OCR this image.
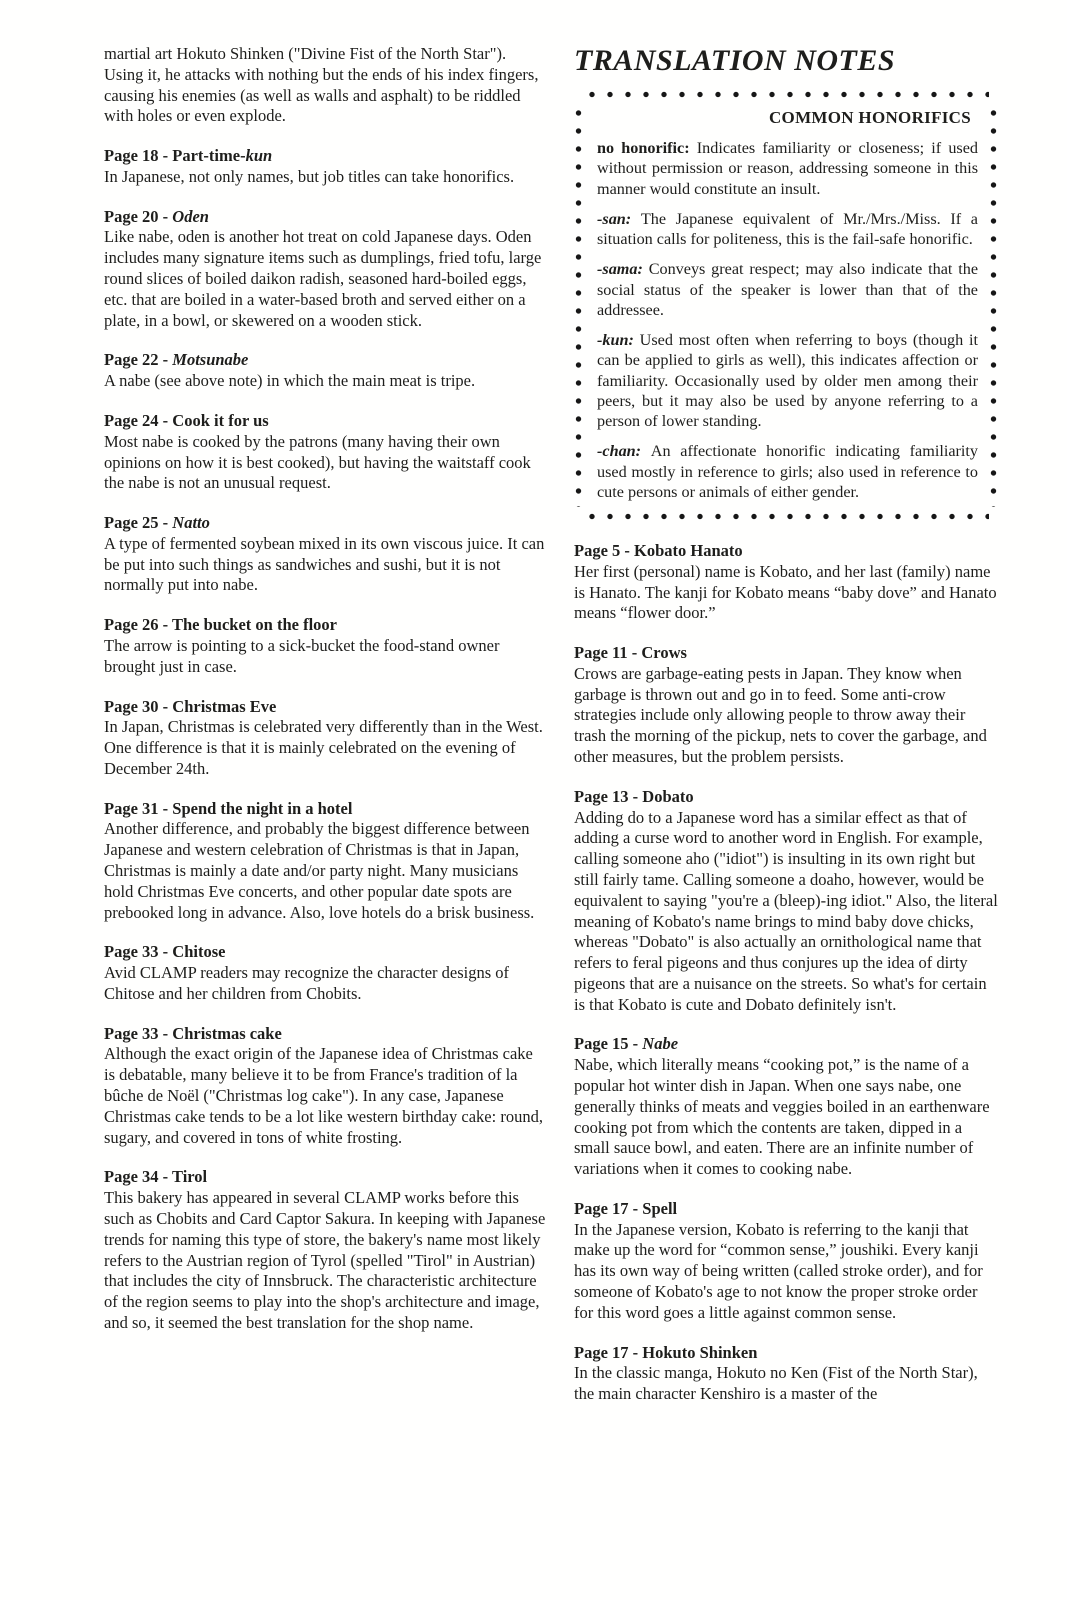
martial art Hokuto Shinken ("Divine Fist of the North Star"). Using it, he attacks with nothing but the ends of his index fingers, causing his enemies (as well as walls and asphalt) to be riddled with holes or even explode.

Page 18 - Part-time-kun

In Japanese, not only names, but job titles can take honorifics.

Page 20 - Oden

Like nabe, oden is another hot treat on cold Japanese days. Oden includes many signature items such as dumplings, fried tofu, large round slices of boiled daikon radish, seasoned hard-boiled eggs, etc. that are boiled in a water-based broth and served either on a plate, in a bowl, or skewered on a wooden stick.

Page 22 - Motsunabe

A nabe (see above note) in which the main meat is tripe.

Page 24 - Cook it for us

Most nabe is cooked by the patrons (many having their own opinions on how it is best cooked), but having the waitstaff cook the nabe is not an unusual request.

Page 25 - Natto

A type of fermented soybean mixed in its own viscous juice. It can be put into such things as sandwiches and sushi, but it is not normally put into nabe.

Page 26 - The bucket on the floor

The arrow is pointing to a sick-bucket the food-stand owner brought just in case.

Page 30 - Christmas Eve

In Japan, Christmas is celebrated very differently than in the West. One difference is that it is mainly celebrated on the evening of December 24th.

Page 31 - Spend the night in a hotel

Another difference, and probably the biggest difference between Japanese and western celebration of Christmas is that in Japan, Christmas is mainly a date and/or party night. Many musicians hold Christmas Eve concerts, and other popular date spots are prebooked long in advance. Also, love hotels do a brisk business.

Page 33 - Chitose

Avid CLAMP readers may recognize the character designs of Chitose and her children from Chobits.

Page 33 - Christmas cake

Although the exact origin of the Japanese idea of Christmas cake is debatable, many believe it to be from France's tradition of la bûche de Noël ("Christmas log cake"). In any case, Japanese Christmas cake tends to be a lot like western birthday cake: round, sugary, and covered in tons of white frosting.

Page 34 - Tirol

This bakery has appeared in several CLAMP works before this such as Chobits and Card Captor Sakura. In keeping with Japanese trends for naming this type of store, the bakery's name most likely refers to the Austrian region of Tyrol (spelled "Tirol" in Austrian) that includes the city of Innsbruck. The characteristic architecture of the region seems to play into the shop's architecture and image, and so, it seemed the best translation for the shop name.

TRANSLATION NOTES

COMMON HONORIFICS

no honorific: Indicates familiarity or closeness; if used without permission or reason, addressing someone in this manner would constitute an insult.

-san: The Japanese equivalent of Mr./Mrs./Miss. If a situation calls for politeness, this is the fail-safe honorific.

-sama: Conveys great respect; may also indicate that the social status of the speaker is lower than that of the addressee.

-kun: Used most often when referring to boys (though it can be applied to girls as well), this indicates affection or familiarity. Occasionally used by older men among their peers, but it may also be used by anyone referring to a person of lower standing.

-chan: An affectionate honorific indicating familiarity used mostly in reference to girls; also used in reference to cute persons or animals of either gender.

Page 5 - Kobato Hanato

Her first (personal) name is Kobato, and her last (family) name is Hanato. The kanji for Kobato means “baby dove” and Hanato means “flower door.”

Page 11 - Crows

Crows are garbage-eating pests in Japan. They know when garbage is thrown out and go in to feed. Some anti-crow strategies include only allowing people to throw away their trash the morning of the pickup, nets to cover the garbage, and other measures, but the problem persists.

Page 13 - Dobato

Adding do to a Japanese word has a similar effect as that of adding a curse word to another word in English. For example, calling someone aho ("idiot") is insulting in its own right but still fairly tame. Calling someone a doaho, however, would be equivalent to saying "you're a (bleep)-ing idiot." Also, the literal meaning of Kobato's name brings to mind baby dove chicks, whereas "Dobato" is also actually an ornithological name that refers to feral pigeons and thus conjures up the idea of dirty pigeons that are a nuisance on the streets. So what's for certain is that Kobato is cute and Dobato definitely isn't.

Page 15 - Nabe

Nabe, which literally means “cooking pot,” is the name of a popular hot winter dish in Japan. When one says nabe, one generally thinks of meats and veggies boiled in an earthenware cooking pot from which the contents are taken, dipped in a small sauce bowl, and eaten. There are an infinite number of variations when it comes to cooking nabe.

Page 17 - Spell

In the Japanese version, Kobato is referring to the kanji that make up the word for “common sense,” joushiki. Every kanji has its own way of being written (called stroke order), and for someone of Kobato's age to not know the proper stroke order for this word goes a little against common sense.

Page 17 - Hokuto Shinken

In the classic manga, Hokuto no Ken (Fist of the North Star), the main character Kenshiro is a master of the
